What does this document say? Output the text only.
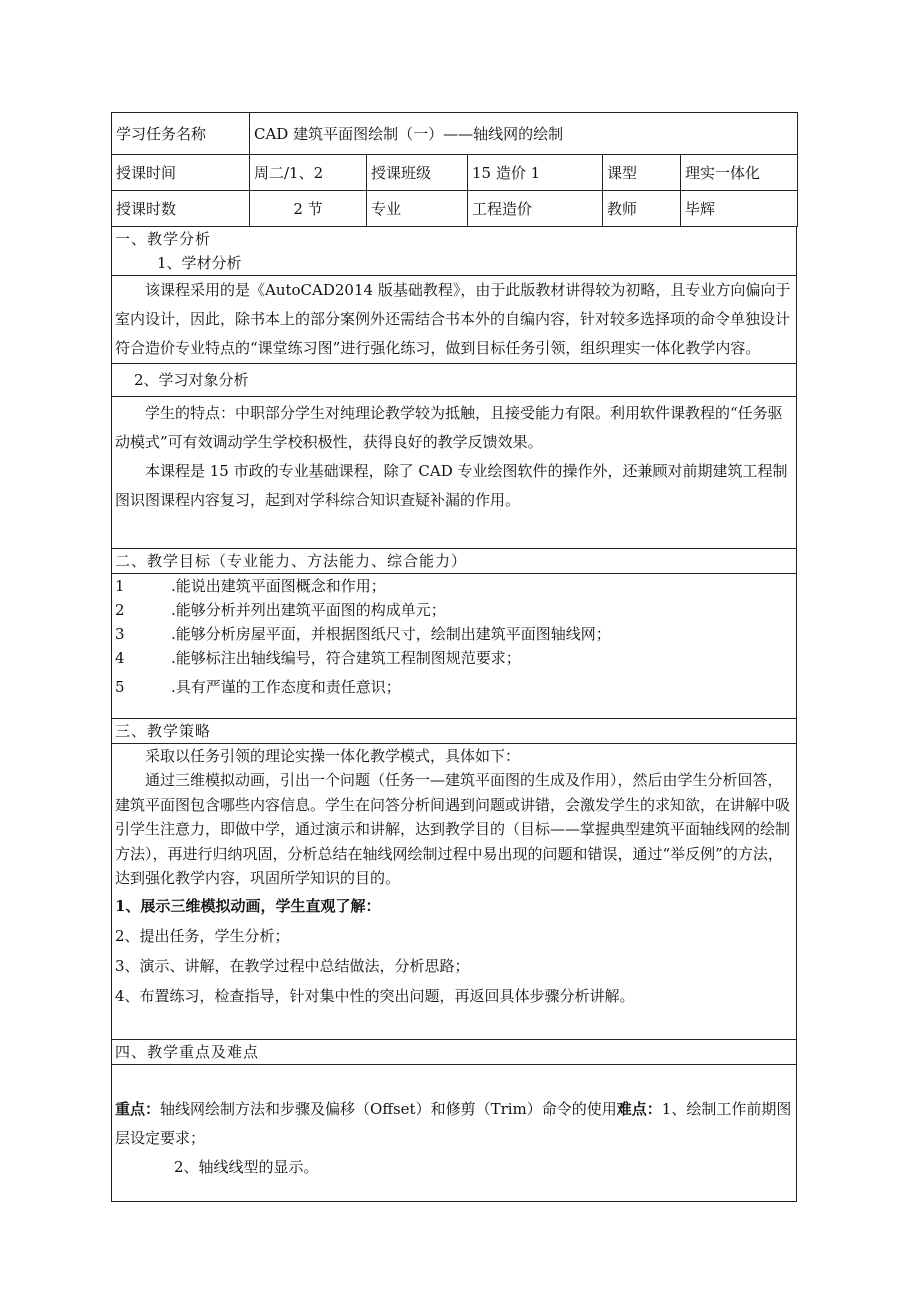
学习任务名称	CAD 建筑平面图绘制（一）——轴线网的绘制				
授课时间	周二/1、2	授课班级	15 造价 1	课型	理实一体化
授课时数	2 节	专业	工程造价	教师	毕辉
一、教学分析
1、学材分析
该课程采用的是《AutoCAD2014 版基础教程》，由于此版教材讲得较为初略，且专业方向偏向于室内设计，因此，除书本上的部分案例外还需结合书本外的自编内容，针对较多选择项的命令单独设计符合造价专业特点的“课堂练习图”进行强化练习，做到目标任务引领，组织理实一体化教学内容。
2、学习对象分析
学生的特点：中职部分学生对纯理论教学较为抵触，且接受能力有限。利用软件课教程的“任务驱动模式”可有效调动学生学校积极性，获得良好的教学反馈效果。
本课程是 15 市政的专业基础课程，除了 CAD 专业绘图软件的操作外，还兼顾对前期建筑工程制图识图课程内容复习，起到对学科综合知识查疑补漏的作用。
二、教学目标（专业能力、方法能力、综合能力）
1	.能说出建筑平面图概念和作用；
2	.能够分析并列出建筑平面图的构成单元；
3	.能够分析房屋平面，并根据图纸尺寸，绘制出建筑平面图轴线网；
4	.能够标注出轴线编号，符合建筑工程制图规范要求；
5	.具有严谨的工作态度和责任意识；
三、教学策略
采取以任务引领的理论实操一体化教学模式，具体如下：
通过三维模拟动画，引出一个问题（任务一—建筑平面图的生成及作用），然后由学生分析回答，建筑平面图包含哪些内容信息。学生在问答分析间遇到问题或讲错，会激发学生的求知欲，在讲解中吸引学生注意力，即做中学，通过演示和讲解，达到教学目的（目标——掌握典型建筑平面轴线网的绘制方法），再进行归纳巩固，分析总结在轴线网绘制过程中易出现的问题和错误，通过“举反例”的方法，达到强化教学内容，巩固所学知识的目的。
1、展示三维模拟动画，学生直观了解：
2、提出任务，学生分析；
3、演示、讲解，在教学过程中总结做法，分析思路；
4、布置练习，检查指导，针对集中性的突出问题，再返回具体步骤分析讲解。
四、教学重点及难点
重点：轴线网绘制方法和步骤及偏移（Offset）和修剪（Trim）命令的使用难点：1、绘制工作前期图层设定要求；
2、轴线线型的显示。
